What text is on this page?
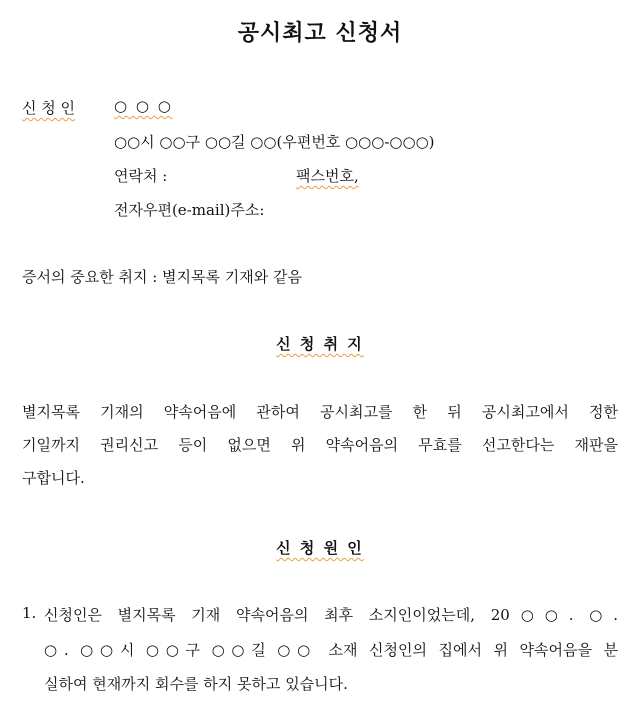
공시최고 신청서
신 청 인	○ ○ ○
○○시 ○○구 ○○길 ○○(우편번호 ○○○-○○○)
연락처 :	팩스번호,
전자우편(e-mail)주소:
증서의 중요한 취지 : 별지목록 기재와 같음
신 청 취 지
별지목록 기재의 약속어음에 관하여 공시최고를 한 뒤 공시최고에서 정한
기일까지 권리신고 등이 없으면 위 약속어음의 무효를 선고한다는 재판을
구합니다.
신 청 원 인
1. 신청인은 별지목록 기재 약속어음의 최후 소지인이었는데, 20○○. ○.
○. ○○시 ○○구 ○○길 ○○ 소재 신청인의 집에서 위 약속어음을 분
실하여 현재까지 회수를 하지 못하고 있습니다.
